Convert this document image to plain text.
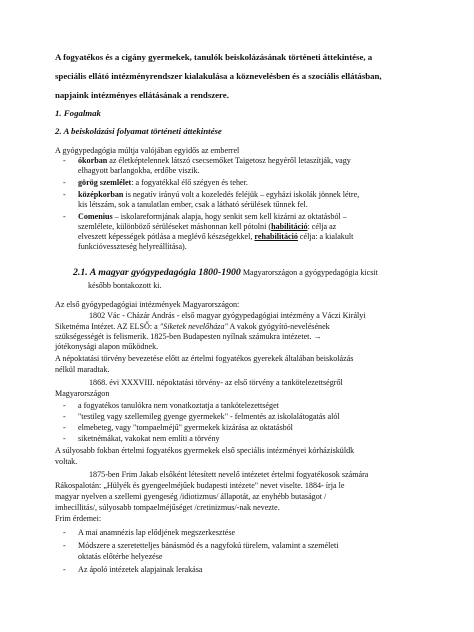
A fogyatékos és a cigány gyermekek, tanulók beiskolázásának történeti áttekintése, a
speciális ellátó intézményrendszer kialakulása a köznevelésben és a szociális ellátásban,
napjaink intézményes ellátásának a rendszere.
1. Fogalmak
2. A beiskolázási folyamat történeti áttekintése
A gyógypedagógia múltja valójában egyidős az emberrel
- ókorban az életképtelennek látszó csecsemőket Taigetosz hegyéről letaszítják, vagy
elhagyott barlangokba, erdőbe viszik.
- görög szemlélet: a fogyatékkal élő szégyen és teher.
- középkorban is negatív irányú volt a kozeledés feléjük – egyházi iskolák jönnek létre,
kis létszám, sok a tanulatlan ember, csak a látható sérülések tűnnek fel.
- Comenius – iskolareformjának alapja, hogy senkit sem kell kizárni az oktatásból –
szemlélete, különböző sérüléseket máshonnan kell pótolni (habilitáció: célja az
elveszett képességek pótlása a meglévő készségekkel, rehabilitáció célja: a kialakult
funkcióvesszteség helyreállítása).
2.1. A magyar gyógypedagógia 1800-1900 Magyarországon a gyógypedagógia kicsit
később bontakozott ki.
Az első gyógypedagógiai intézmények Magyarországon:
1802 Vác - Cházár András - első magyar gyógypedagógiai intézmény a Váczi Királyi
Siketnéma Intézet. AZ ELSŐ: a "Siketek nevelőháza" A vakok gyógyító-nevelésének
szükségességét is felismerik. 1825-ben Budapesten nyílnak számukra intézetet. →
jótékonysági alapon működnek.
A népoktatási törvény bevezetése előtt az értelmi fogyatékos gyerekek általában beiskolázás
nélkül maradtak.
1868. évi XXXVIII. népoktatási törvény- az első törvény a tankötelezettségről
Magyarországon
- a fogyatékos tanulókra nem vonatkoztatja a tankötelezettséget
- "testileg vagy szellemileg gyenge gyermekek" - felmentés az iskolalátogatás alól
- elmebeteg, vagy "tompaelméjű" gyermekek kizárása az oktatásból
- siketnémákat, vakokat nem említi a törvény
A súlyosabb fokban értelmi fogyatékos gyermekek első speciális intézményei kórházisküldk
voltak.
1875-ben Frim Jakab elsőként létesített nevelő intézetet értelmi fogyatékosok számára
Rákospalotán: „Hülyék és gyengeelméjűek budapesti intézete" nevet viselte. 1884- írja le
magyar nyelven a szellemi gyengeség /idiotizmus/ állapotát, az enyhébb butaságot /
imbecillitás/, súlyosabb tompaelméjűséget /cretinizmus/-nak nevezte.
Frim érdemei:
- A mai anamnézis lap elődjének megszerkesztése
- Módszere a szeretetteljes bánásmód és a nagyfokú türelem, valamint a személeti
oktatás előtérbe helyezése
- Az ápoló intézetek alapjainak lerakása
